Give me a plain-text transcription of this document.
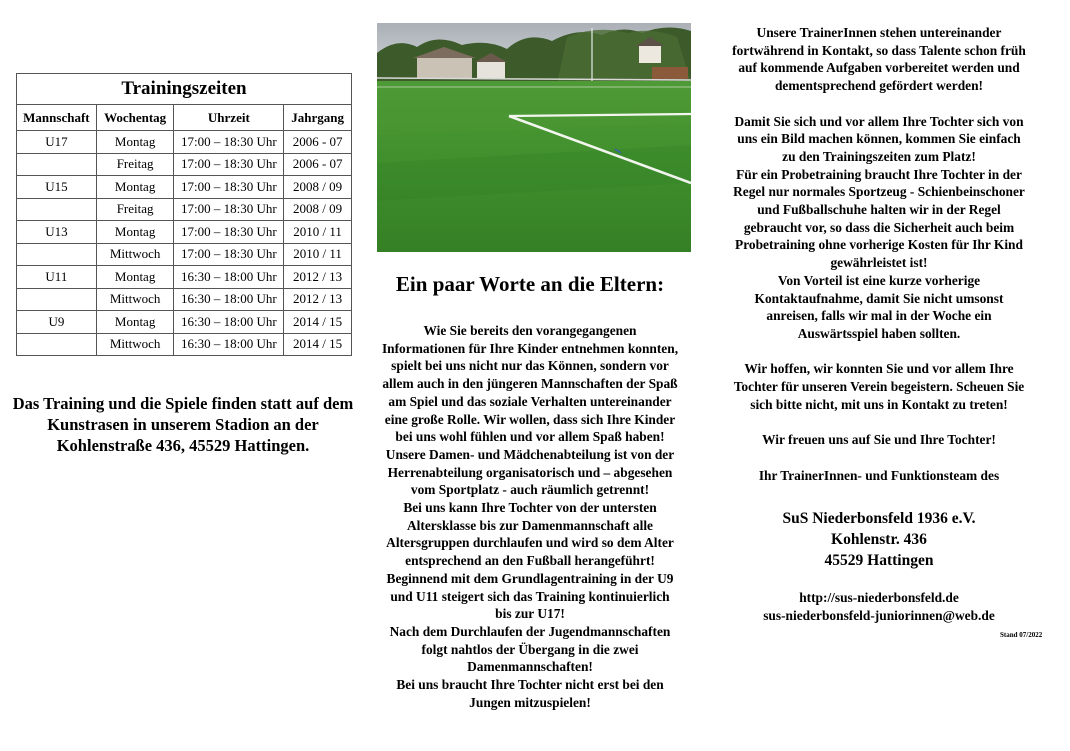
Trainingszeiten			
Mannschaft	Wochentag	Uhrzeit	Jahrgang
U17	Montag	17:00 – 18:30 Uhr	2006 - 07
	Freitag	17:00 – 18:30 Uhr	2006 - 07
U15	Montag	17:00 – 18:30 Uhr	2008 / 09
	Freitag	17:00 – 18:30 Uhr	2008 / 09
U13	Montag	17:00 – 18:30 Uhr	2010 / 11
	Mittwoch	17:00 – 18:30 Uhr	2010 / 11
U11	Montag	16:30 – 18:00 Uhr	2012 / 13
	Mittwoch	16:30 – 18:00 Uhr	2012 / 13
U9	Montag	16:30 – 18:00 Uhr	2014 / 15
	Mittwoch	16:30 – 18:00 Uhr	2014 / 15
Das Training und die Spiele finden statt auf dem Kunstrasen in unserem Stadion an der Kohlenstraße 436, 45529 Hattingen.
Ein paar Worte an die Eltern:

Wie Sie bereits den vorangegangenen

Informationen für Ihre Kinder entnehmen konnten,

spielt bei uns nicht nur das Können, sondern vor

allem auch in den jüngeren Mannschaften der Spaß

am Spiel und das soziale Verhalten untereinander

eine große Rolle. Wir wollen, dass sich Ihre Kinder

bei uns wohl fühlen und vor allem Spaß haben!

Unsere Damen- und Mädchenabteilung ist von der

Herrenabteilung organisatorisch und – abgesehen

vom Sportplatz - auch räumlich getrennt!

Bei uns kann Ihre Tochter von der untersten

Altersklasse bis zur Damenmannschaft alle

Altersgruppen durchlaufen und wird so dem Alter

entsprechend an den Fußball herangeführt!

Beginnend mit dem Grundlagentraining in der U9

und U11 steigert sich das Training kontinuierlich

bis zur U17!

Nach dem Durchlaufen der Jugendmannschaften

folgt nahtlos der Übergang in die zwei

Damenmannschaften!

Bei uns braucht Ihre Tochter nicht erst bei den

Jungen mitzuspielen!

Unsere TrainerInnen stehen untereinander

fortwährend in Kontakt, so dass Talente schon früh

auf kommende Aufgaben vorbereitet werden und

dementsprechend gefördert werden!

Damit Sie sich und vor allem Ihre Tochter sich von

uns ein Bild machen können, kommen Sie einfach

zu den Trainingszeiten zum Platz!

Für ein Probetraining braucht Ihre Tochter in der

Regel nur normales Sportzeug - Schienbeinschoner

und Fußballschuhe halten wir in der Regel

gebraucht vor, so dass die Sicherheit auch beim

Probetraining ohne vorherige Kosten für Ihr Kind

gewährleistet ist!

Von Vorteil ist eine kurze vorherige

Kontaktaufnahme, damit Sie nicht umsonst

anreisen, falls wir mal in der Woche ein

Auswärtsspiel haben sollten.

Wir hoffen, wir konnten Sie und vor allem Ihre

Tochter für unseren Verein begeistern. Scheuen Sie

sich bitte nicht, mit uns in Kontakt zu treten!

Wir freuen uns auf Sie und Ihre Tochter!

Ihr TrainerInnen- und Funktionsteam des

SuS Niederbonsfeld 1936 e.V.
Kohlenstr. 436
45529 Hattingen
http://sus-niederbonsfeld.de
sus-niederbonsfeld-juniorinnen@web.de
Stand 07/2022
